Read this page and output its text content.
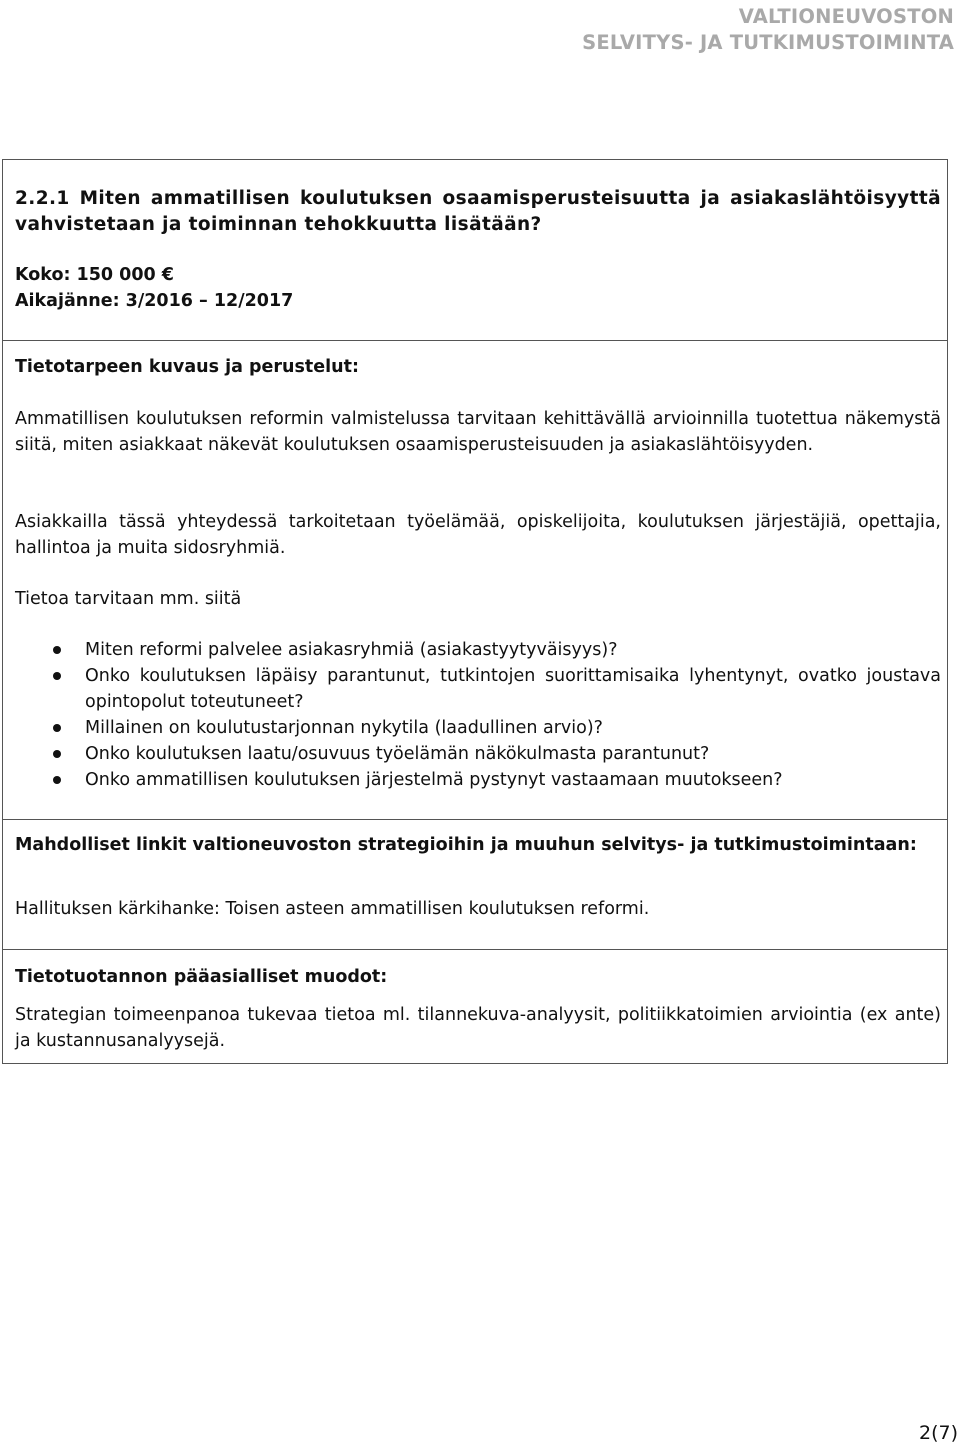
VALTIONEUVOSTON
SELVITYS- JA TUTKIMUSTOIMINTA

2.2.1 Miten ammatillisen koulutuksen osaamisperusteisuutta ja asiakaslähtöisyyttä vahvistetaan ja toiminnan tehokkuutta lisätään?

Koko: 150 000 €

Aikajänne: 3/2016 – 12/2017

Tietotarpeen kuvaus ja perustelut:

Ammatillisen koulutuksen reformin valmistelussa tarvitaan kehittävällä arvioinnilla tuotettua näkemystä siitä, miten asiakkaat näkevät koulutuksen osaamisperusteisuuden ja asiakaslähtöisyyden.

Asiakkailla tässä yhteydessä tarkoitetaan työelämää, opiskelijoita, koulutuksen järjestäjiä, opettajia, hallintoa ja muita sidosryhmiä.

Tietoa tarvitaan mm. siitä

Miten reformi palvelee asiakasryhmiä (asiakastyytyväisyys)?
Onko koulutuksen läpäisy parantunut, tutkintojen suorittamisaika lyhentynyt, ovatko joustava opintopolut toteutuneet?
Millainen on koulutustarjonnan nykytila (laadullinen arvio)?
Onko koulutuksen laatu/osuvuus työelämän näkökulmasta parantunut?
Onko ammatillisen koulutuksen järjestelmä pystynyt vastaamaan muutokseen?

Mahdolliset linkit valtioneuvoston strategioihin ja muuhun selvitys- ja tutkimustoimintaan:

Hallituksen kärkihanke: Toisen asteen ammatillisen koulutuksen reformi.

Tietotuotannon pääasialliset muodot:

Strategian toimeenpanoa tukevaa tietoa ml. tilannekuva-analyysit, politiikkatoimien arviointia (ex ante) ja kustannusanalyysejä.

2(7)
